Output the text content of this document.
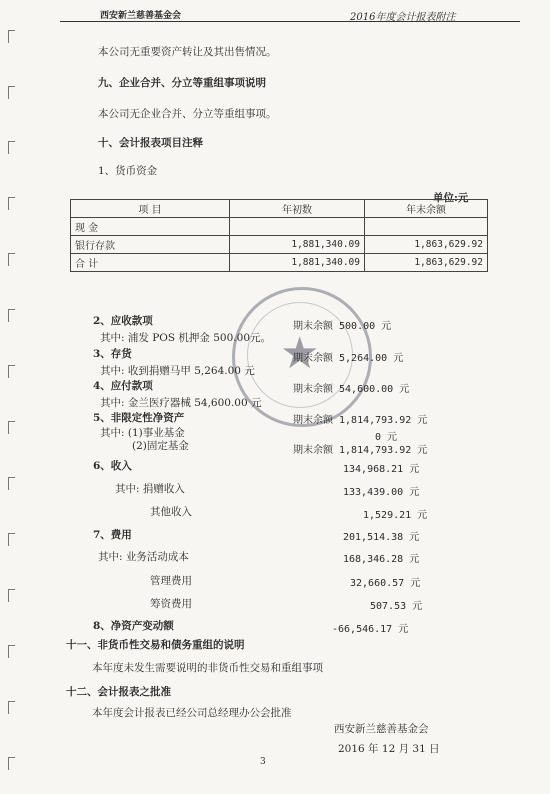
西安新兰慈善基金会	2016年度会计报表附注
本公司无重要资产转让及其出售情况。
九、企业合并、分立等重组事项说明
本公司无企业合并、分立等重组事项。
十、会计报表项目注释
1、货币资金
单位:元
项 目	年初数	年末余额
现 金		
银行存款	1,881,340.09	1,863,629.92
合 计	1,881,340.09	1,863,629.92
★
2、应收款项
其中: 浦发 POS 机押金 500.00元。
期末余额 500.00 元
3、存货
其中: 收到捐赠马甲 5,264.00 元
期末余额 5,264.00 元
4、应付款项	期末余额 54,600.00 元
其中: 金兰医疗器械 54,600.00 元
5、非限定性净资产	期末余额 1,814,793.92 元
其中: (1)事业基金	0 元
(2)固定基金	期末余额 1,814,793.92 元
6、收入	134,968.21 元
其中: 捐赠收入	133,439.00 元
其他收入	1,529.21 元
7、费用	201,514.38 元
其中: 业务活动成本	168,346.28 元
管理费用	32,660.57 元
筹资费用	507.53 元
8、净资产变动额	-66,546.17 元
十一、非货币性交易和债务重组的说明
本年度未发生需要说明的非货币性交易和重组事项
十二、会计报表之批准
本年度会计报表已经公司总经理办公会批准
西安新兰慈善基金会
2016 年 12 月 31 日
3
